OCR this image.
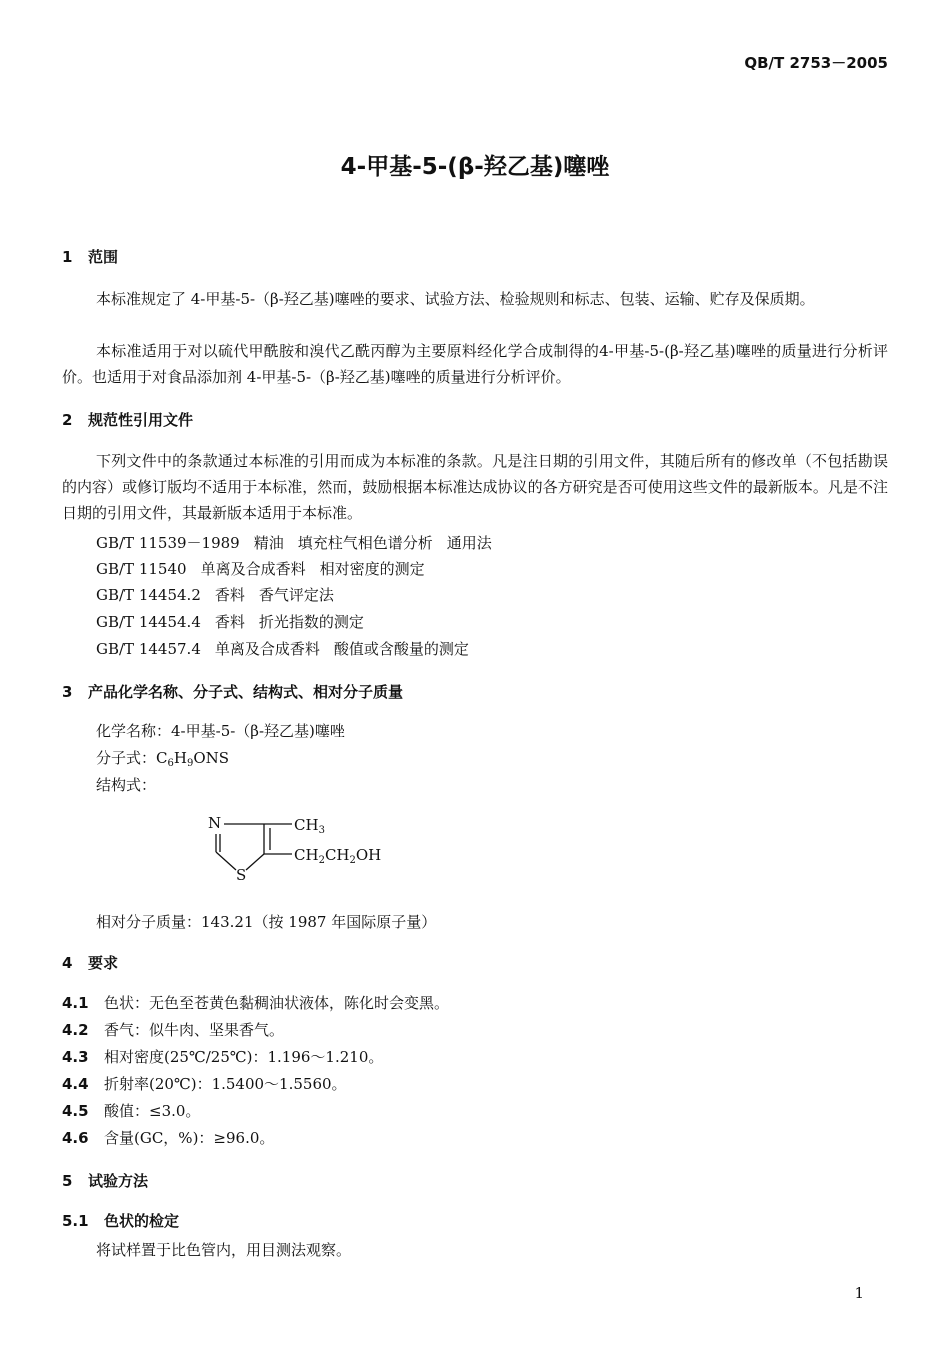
QB/T 2753－2005
4-甲基-5-(β-羟乙基)噻唑
1 范围
本标准规定了 4-甲基-5-（β-羟乙基)噻唑的要求、试验方法、检验规则和标志、包装、运输、贮存及保质期。
本标准适用于对以硫代甲酰胺和溴代乙酰丙醇为主要原料经化学合成制得的4-甲基-5-(β-羟乙基)噻唑的质量进行分析评价。也适用于对食品添加剂 4-甲基-5-（β-羟乙基)噻唑的质量进行分析评价。
2 规范性引用文件
下列文件中的条款通过本标准的引用而成为本标准的条款。凡是注日期的引用文件，其随后所有的修改单（不包括勘误的内容）或修订版均不适用于本标准，然而，鼓励根据本标准达成协议的各方研究是否可使用这些文件的最新版本。凡是不注日期的引用文件，其最新版本适用于本标准。
GB/T 11539－1989 精油 填充柱气相色谱分析 通用法
GB/T 11540 单离及合成香料 相对密度的测定
GB/T 14454.2 香料 香气评定法
GB/T 14454.4 香料 折光指数的测定
GB/T 14457.4 单离及合成香料 酸值或含酸量的测定
3 产品化学名称、分子式、结构式、相对分子质量
化学名称：4-甲基-5-（β-羟乙基)噻唑
分子式：$C_6H_9ONS$
结构式：
N
S
$CH_3$
$CH_2CH_2OH$
相对分子质量：143.21（按 1987 年国际原子量）
4 要求
4.1 色状：无色至苍黄色黏稠油状液体，陈化时会变黑。
4.2 香气：似牛肉、坚果香气。
4.3 相对密度(25℃/25℃)：1.196～1.210。
4.4 折射率(20℃)：1.5400～1.5560。
4.5 酸值：≤3.0。
4.6 含量(GC，%)：≥96.0。
5 试验方法
5.1 色状的检定
将试样置于比色管内，用目测法观察。
1
